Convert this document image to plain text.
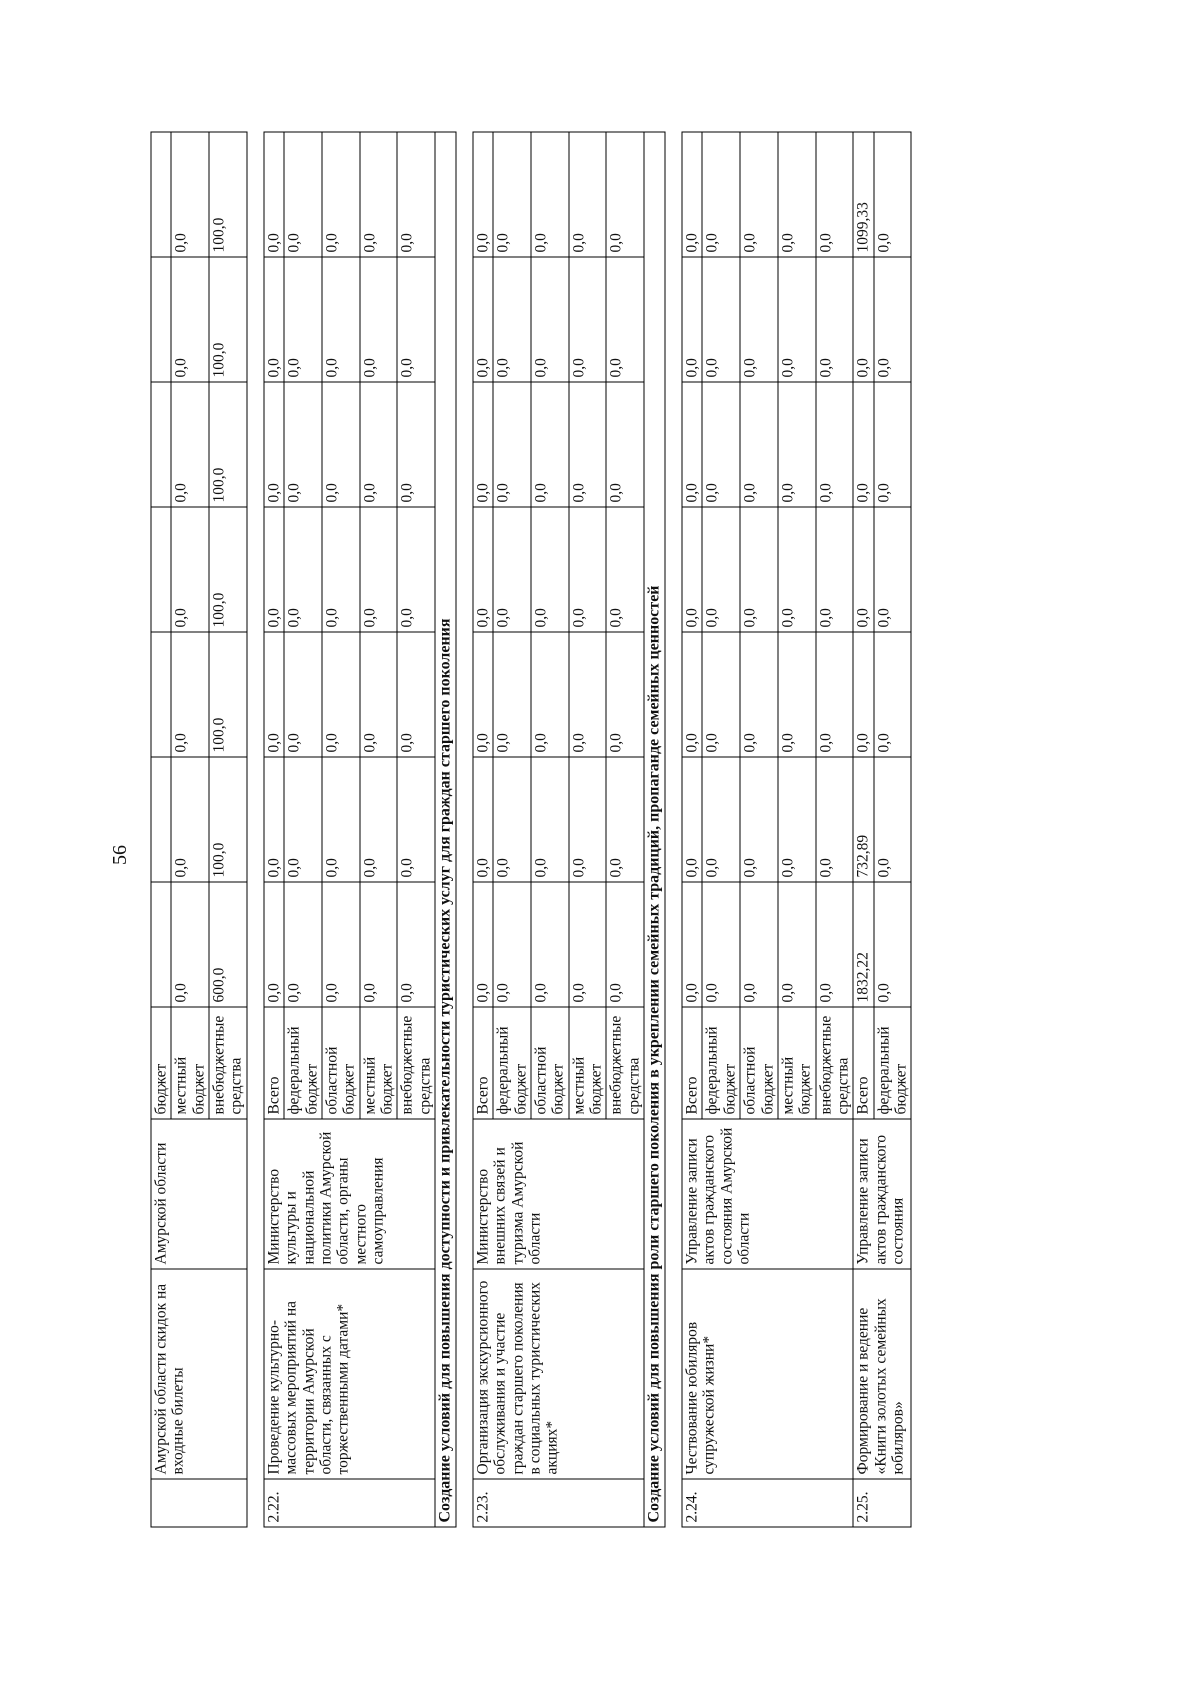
56
	Амурской области скидок на входные билеты	Амурской области	бюджет							
			местный бюджет	0,0	0,0	0,0	0,0	0,0	0,0	0,0
			внебюджетные средства	600,0	100,0	100,0	100,0	100,0	100,0	100,0

2.22.	Проведение культурно-массовых мероприятий на территории Амурской области, связанных с торжественными датами*	Министерство культуры и национальной политики Амурской области, органы местного самоуправления	Всего	0,0	0,0	0,0	0,0	0,0	0,0	0,0
			федеральный бюджет	0,0	0,0	0,0	0,0	0,0	0,0	0,0
			областной бюджет	0,0	0,0	0,0	0,0	0,0	0,0	0,0
			местный бюджет	0,0	0,0	0,0	0,0	0,0	0,0	0,0
			внебюджетные средства	0,0	0,0	0,0	0,0	0,0	0,0	0,0
Создание условий для повышения доступности и привлекательности туристических услуг для граждан старшего поколения										

2.23.	Организация экскурсионного обслуживания и участие граждан старшего поколения в социальных туристических акциях*	Министерство внешних связей и туризма Амурской области	Всего	0,0	0,0	0,0	0,0	0,0	0,0	0,0
			федеральный бюджет	0,0	0,0	0,0	0,0	0,0	0,0	0,0
			областной бюджет	0,0	0,0	0,0	0,0	0,0	0,0	0,0
			местный бюджет	0,0	0,0	0,0	0,0	0,0	0,0	0,0
			внебюджетные средства	0,0	0,0	0,0	0,0	0,0	0,0	0,0
Создание условий для повышения роли старшего поколения в укреплении семейных традиций, пропаганде семейных ценностей										

2.24.	Чествование юбиляров супружеской жизни*	Управление записи актов гражданского состояния Амурской области	Всего	0,0	0,0	0,0	0,0	0,0	0,0	0,0
			федеральный бюджет	0,0	0,0	0,0	0,0	0,0	0,0	0,0
			областной бюджет	0,0	0,0	0,0	0,0	0,0	0,0	0,0
			местный бюджет	0,0	0,0	0,0	0,0	0,0	0,0	0,0
			внебюджетные средства	0,0	0,0	0,0	0,0	0,0	0,0	0,0
2.25.	Формирование и ведение «Книги золотых семейных юбиляров»	Управление записи актов гражданского состояния	Всего	1832,22	732,89	0,0	0,0	0,0	0,0	1099,33
			федеральный бюджет	0,0	0,0	0,0	0,0	0,0	0,0	0,0
